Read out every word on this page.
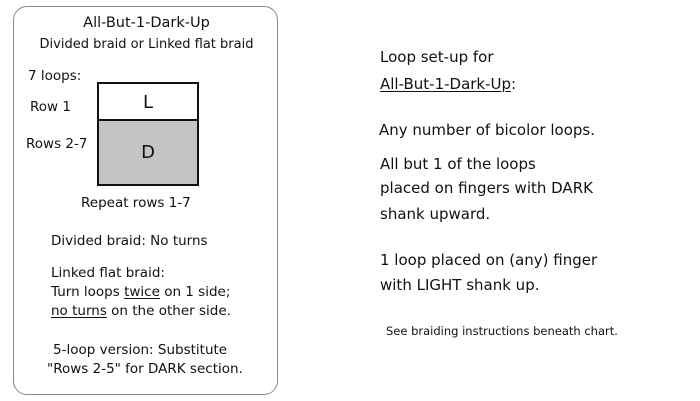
All-But-1-Dark-Up
Divided braid or Linked flat braid
7 loops:
Row 1
Rows 2-7
L
D
Repeat rows 1-7
Divided braid: No turns
Linked flat braid:
Turn loops twice on 1 side;
no turns on the other side.
5-loop version: Substitute
"Rows 2-5" for DARK section.
Loop set-up for
All-But-1-Dark-Up:
Any number of bicolor loops.
All but 1 of the loops
placed on fingers with DARK
shank upward.
1 loop placed on (any) finger
with LIGHT shank up.
See braiding instructions beneath chart.
